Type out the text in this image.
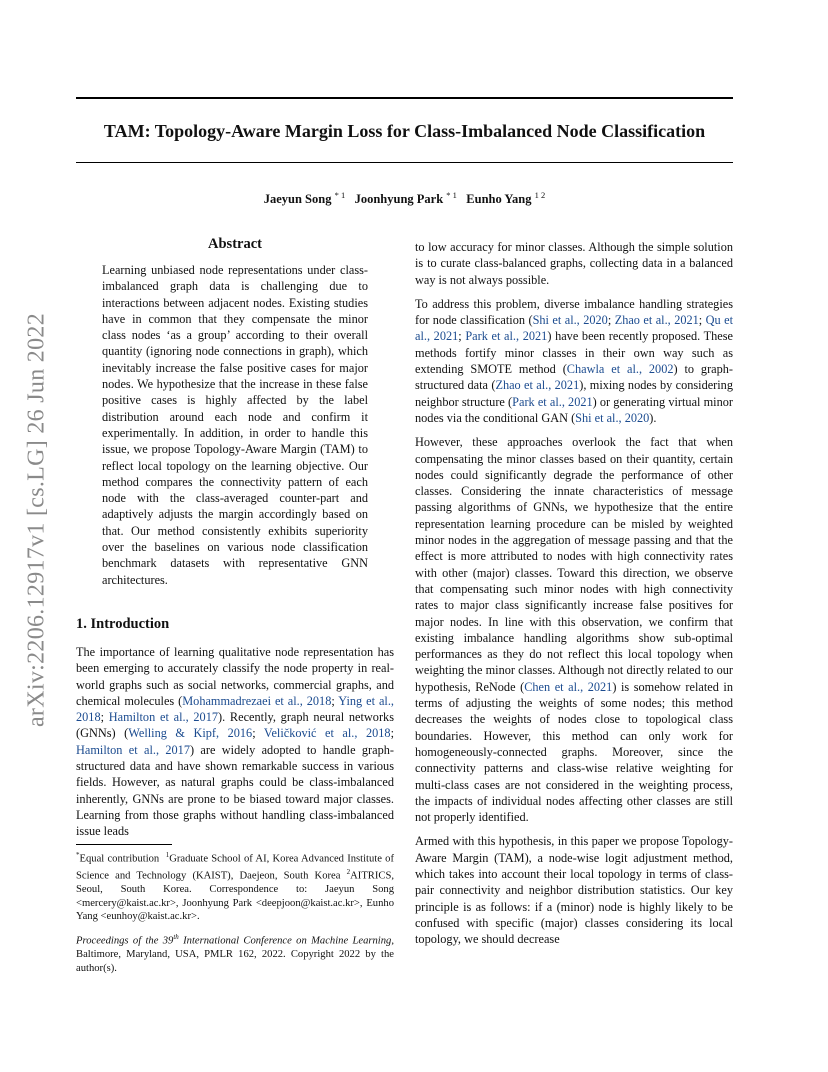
TAM: Topology-Aware Margin Loss for Class-Imbalanced Node Classification
Jaeyun Song $^{* 1}$ Joonhyung Park $^{* 1}$ Eunho Yang $^{1 2}$
arXiv:2206.12917v1 [cs.LG] 26 Jun 2022
Abstract
Learning unbiased node representations under class-imbalanced graph data is challenging due to interactions between adjacent nodes. Existing studies have in common that they compensate the minor class nodes ‘as a group’ according to their overall quantity (ignoring node connections in graph), which inevitably increase the false positive cases for major nodes. We hypothesize that the increase in these false positive cases is highly affected by the label distribution around each node and confirm it experimentally. In addition, in order to handle this issue, we propose Topology-Aware Margin (TAM) to reflect local topology on the learning objective. Our method compares the connectivity pattern of each node with the class-averaged counter-part and adaptively adjusts the margin accordingly based on that. Our method consistently exhibits superiority over the baselines on various node classification benchmark datasets with representative GNN architectures.
1. Introduction

The importance of learning qualitative node representation has been emerging to accurately classify the node property in real-world graphs such as social networks, commercial graphs, and chemical molecules (Mohammadrezaei et al., 2018; Ying et al., 2018; Hamilton et al., 2017). Recently, graph neural networks (GNNs) (Welling & Kipf, 2016; Veličković et al., 2018; Hamilton et al., 2017) are widely adopted to handle graph-structured data and have shown remarkable success in various fields. However, as natural graphs could be class-imbalanced inherently, GNNs are prone to be biased toward major classes. Learning from those graphs without handling class-imbalanced issue leads

*Equal contribution $^1$Graduate School of AI, Korea Advanced Institute of Science and Technology (KAIST), Daejeon, South Korea $^2$AITRICS, Seoul, South Korea. Correspondence to: Jaeyun Song <mercery@kaist.ac.kr>, Joonhyung Park <deepjoon@kaist.ac.kr>, Eunho Yang <eunhoy@kaist.ac.kr>.
Proceedings of the 39th International Conference on Machine Learning, Baltimore, Maryland, USA, PMLR 162, 2022. Copyright 2022 by the author(s).

to low accuracy for minor classes. Although the simple solution is to curate class-balanced graphs, collecting data in a balanced way is not always possible.

To address this problem, diverse imbalance handling strategies for node classification (Shi et al., 2020; Zhao et al., 2021; Qu et al., 2021; Park et al., 2021) have been recently proposed. These methods fortify minor classes in their own way such as extending SMOTE method (Chawla et al., 2002) to graph-structured data (Zhao et al., 2021), mixing nodes by considering neighbor structure (Park et al., 2021) or generating virtual minor nodes via the conditional GAN (Shi et al., 2020).

However, these approaches overlook the fact that when compensating the minor classes based on their quantity, certain nodes could significantly degrade the performance of other classes. Considering the innate characteristics of message passing algorithms of GNNs, we hypothesize that the entire representation learning procedure can be misled by weighted minor nodes in the aggregation of message passing and that the effect is more attributed to nodes with high connectivity rates with other (major) classes. Toward this direction, we observe that compensating such minor nodes with high connectivity rates to major class significantly increase false positives for major nodes. In line with this observation, we confirm that existing imbalance handling algorithms show sub-optimal performances as they do not reflect this local topology when weighting the minor classes. Although not directly related to our hypothesis, ReNode (Chen et al., 2021) is somehow related in terms of adjusting the weights of some nodes; this method decreases the weights of nodes close to topological class boundaries. However, this method can only work for homogeneously-connected graphs. Moreover, since the connectivity patterns and class-wise relative weighting for multi-class cases are not considered in the weighting process, the impacts of individual nodes affecting other classes are still not properly identified.

Armed with this hypothesis, in this paper we propose Topology-Aware Margin (TAM), a node-wise logit adjustment method, which takes into account their local topology in terms of class-pair connectivity and neighbor distribution statistics. Our key principle is as follows: if a (minor) node is highly likely to be confused with specific (major) classes considering its local topology, we should decrease
